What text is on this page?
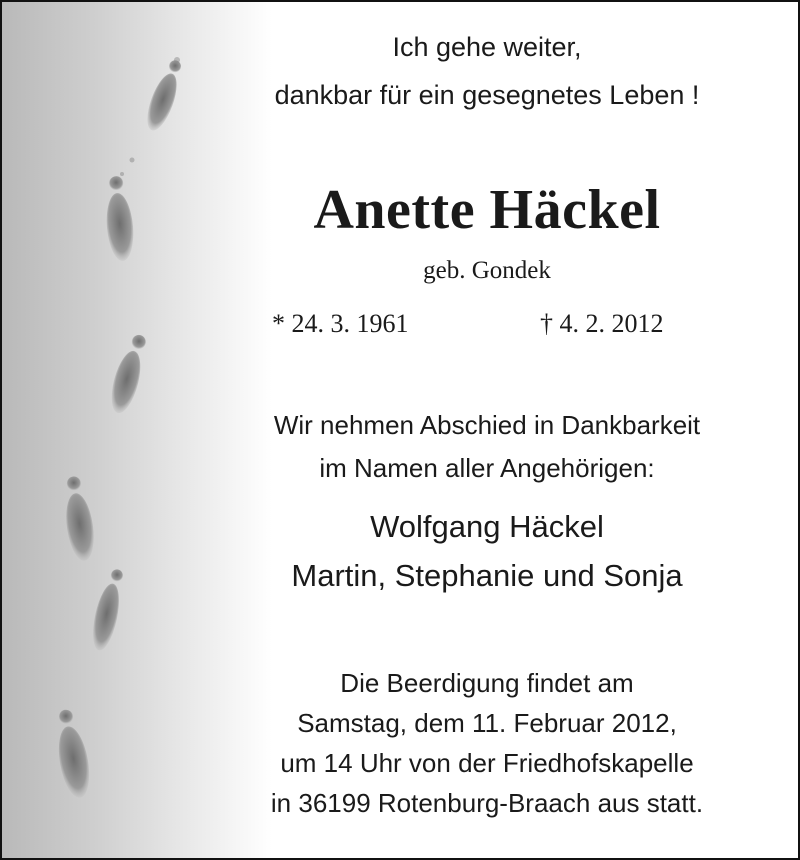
Ich gehe weiter,
dankbar für ein gesegnetes Leben !
Anette Häckel
geb. Gondek
* 24. 3. 1961	† 4. 2. 2012
Wir nehmen Abschied in Dankbarkeit
im Namen aller Angehörigen:
Wolfgang Häckel
Martin, Stephanie und Sonja
Die Beerdigung findet am
Samstag, dem 11. Februar 2012,
um 14 Uhr von der Friedhofskapelle
in 36199 Rotenburg-Braach aus statt.
